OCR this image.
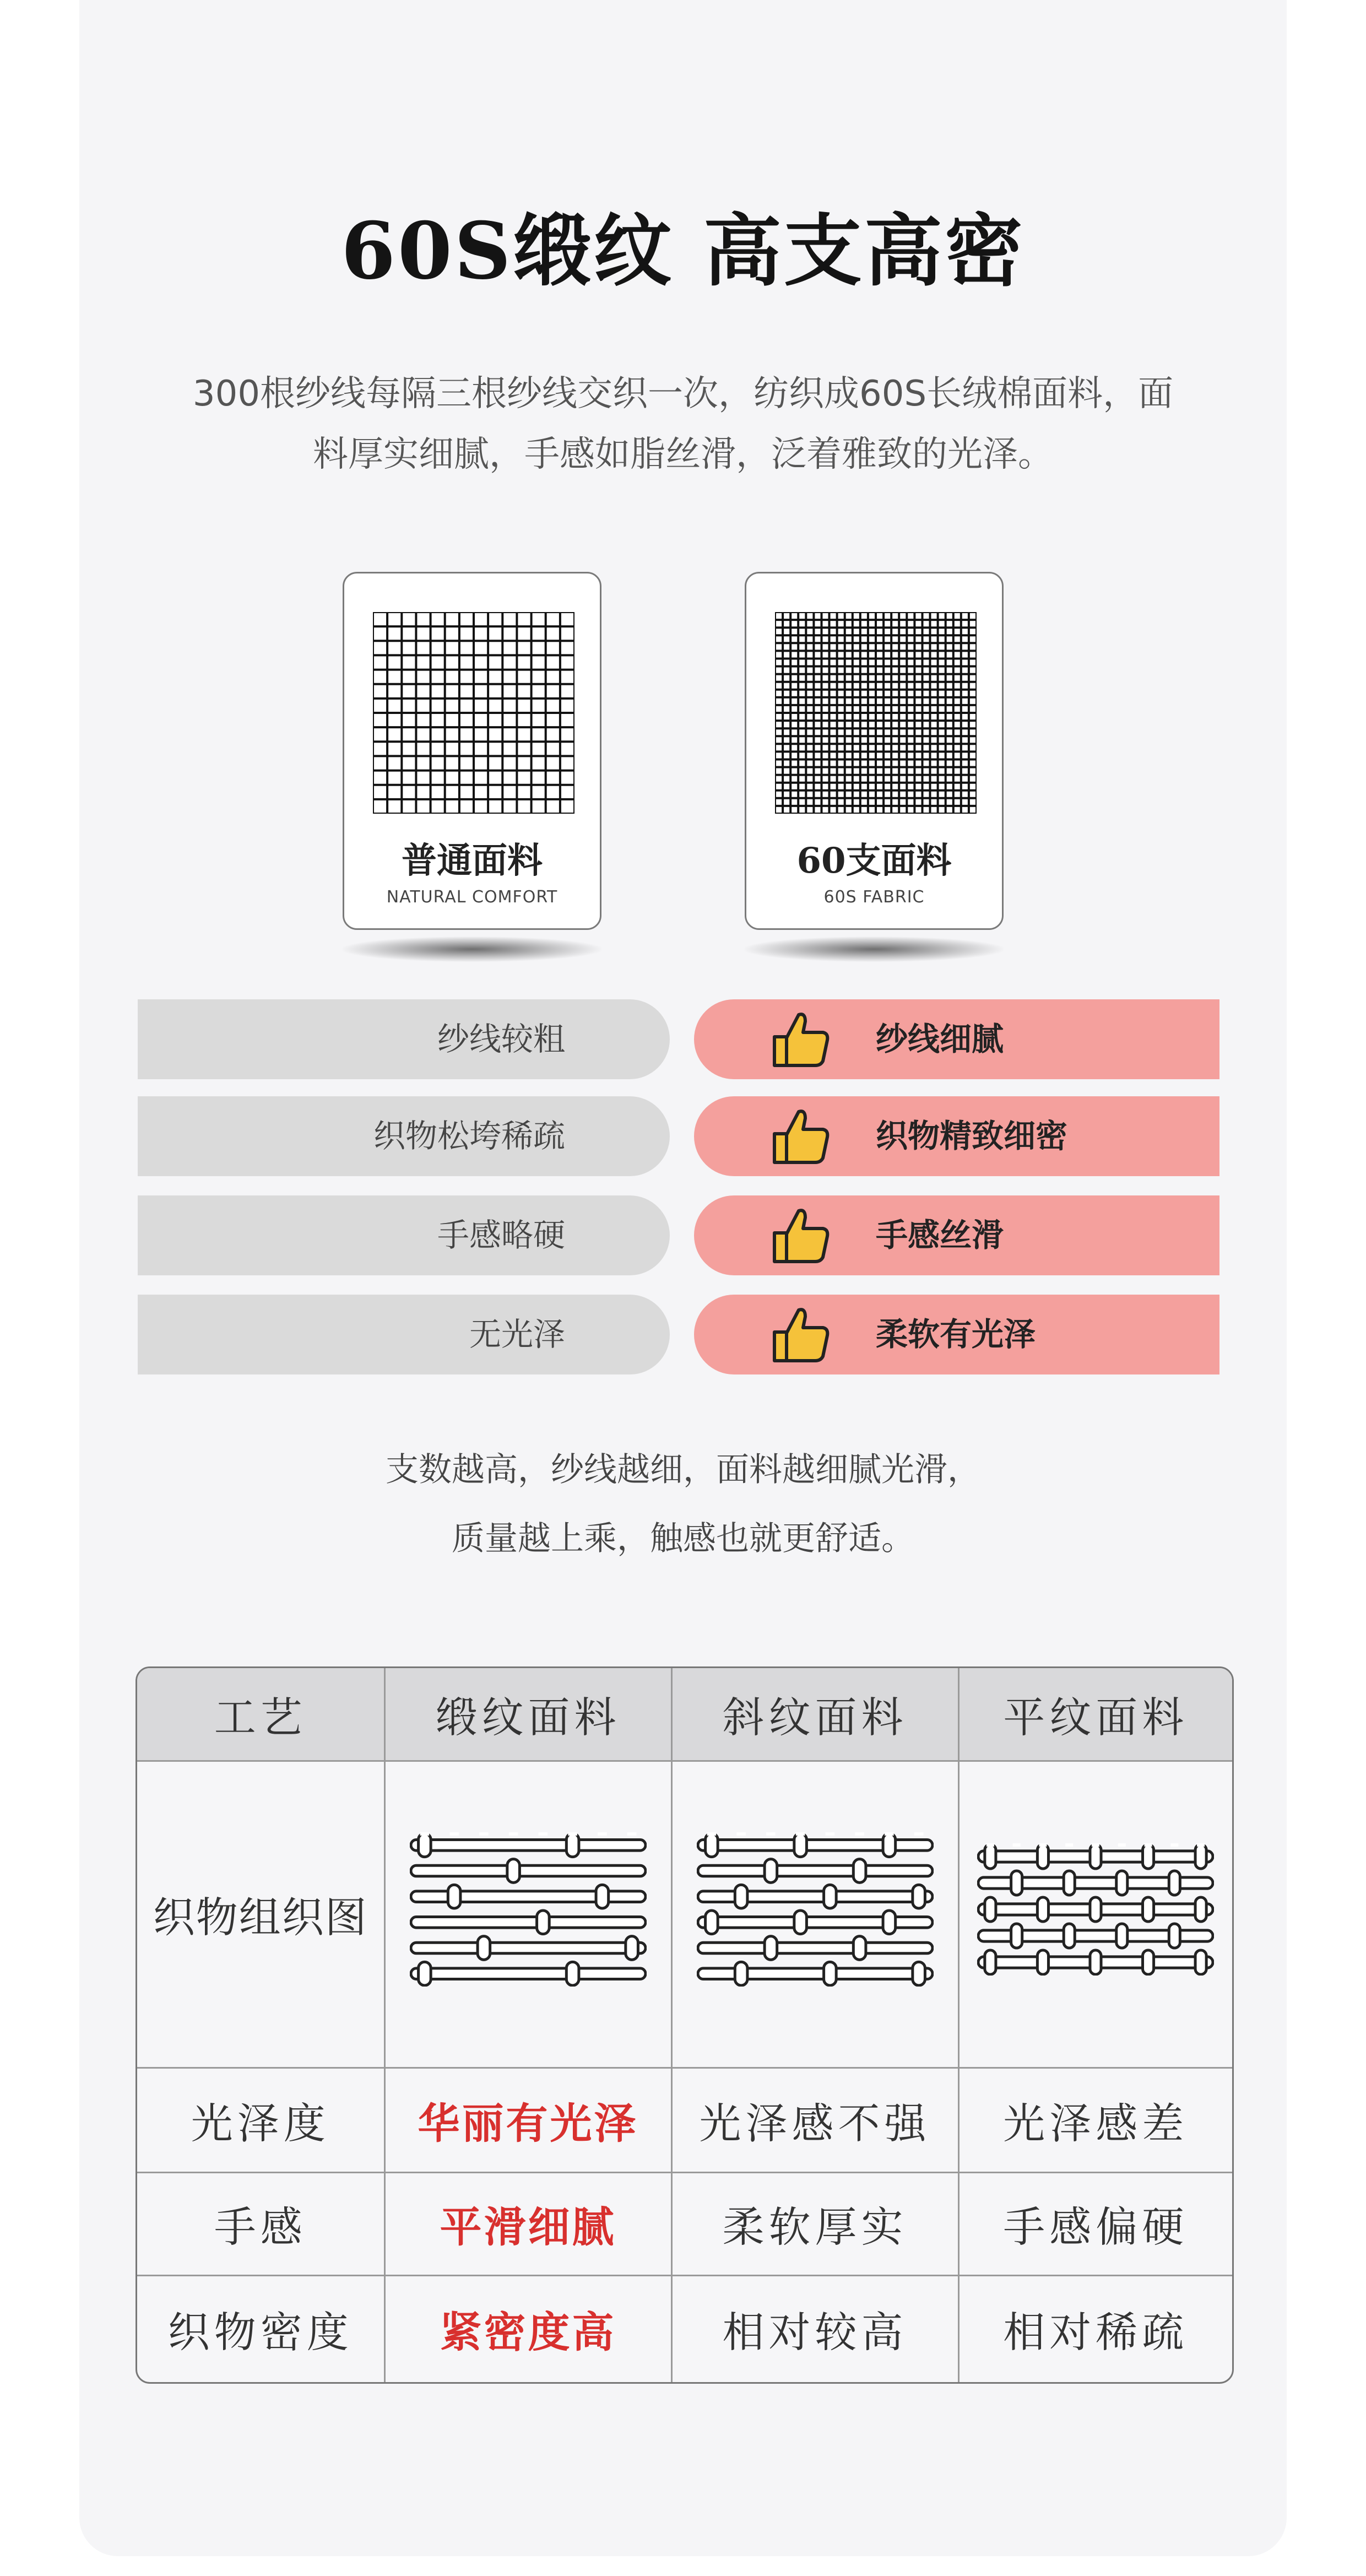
60S缎纹 高支高密
300根纱线每隔三根纱线交织一次，纺织成60S长绒棉面料，面
料厚实细腻，手感如脂丝滑，泛着雅致的光泽。
普通面料
NATURAL COMFORT
60支面料
60S FABRIC
纱线较粗	纱线细腻
织物松垮稀疏	织物精致细密
手感略硬	手感丝滑
无光泽	柔软有光泽
支数越高，纱线越细，面料越细腻光滑，
质量越上乘，触感也就更舒适。
工艺	缎纹面料	斜纹面料	平纹面料
织物组织图			
光泽度	华丽有光泽	光泽感不强	光泽感差
手感	平滑细腻	柔软厚实	手感偏硬
织物密度	紧密度高	相对较高	相对稀疏
